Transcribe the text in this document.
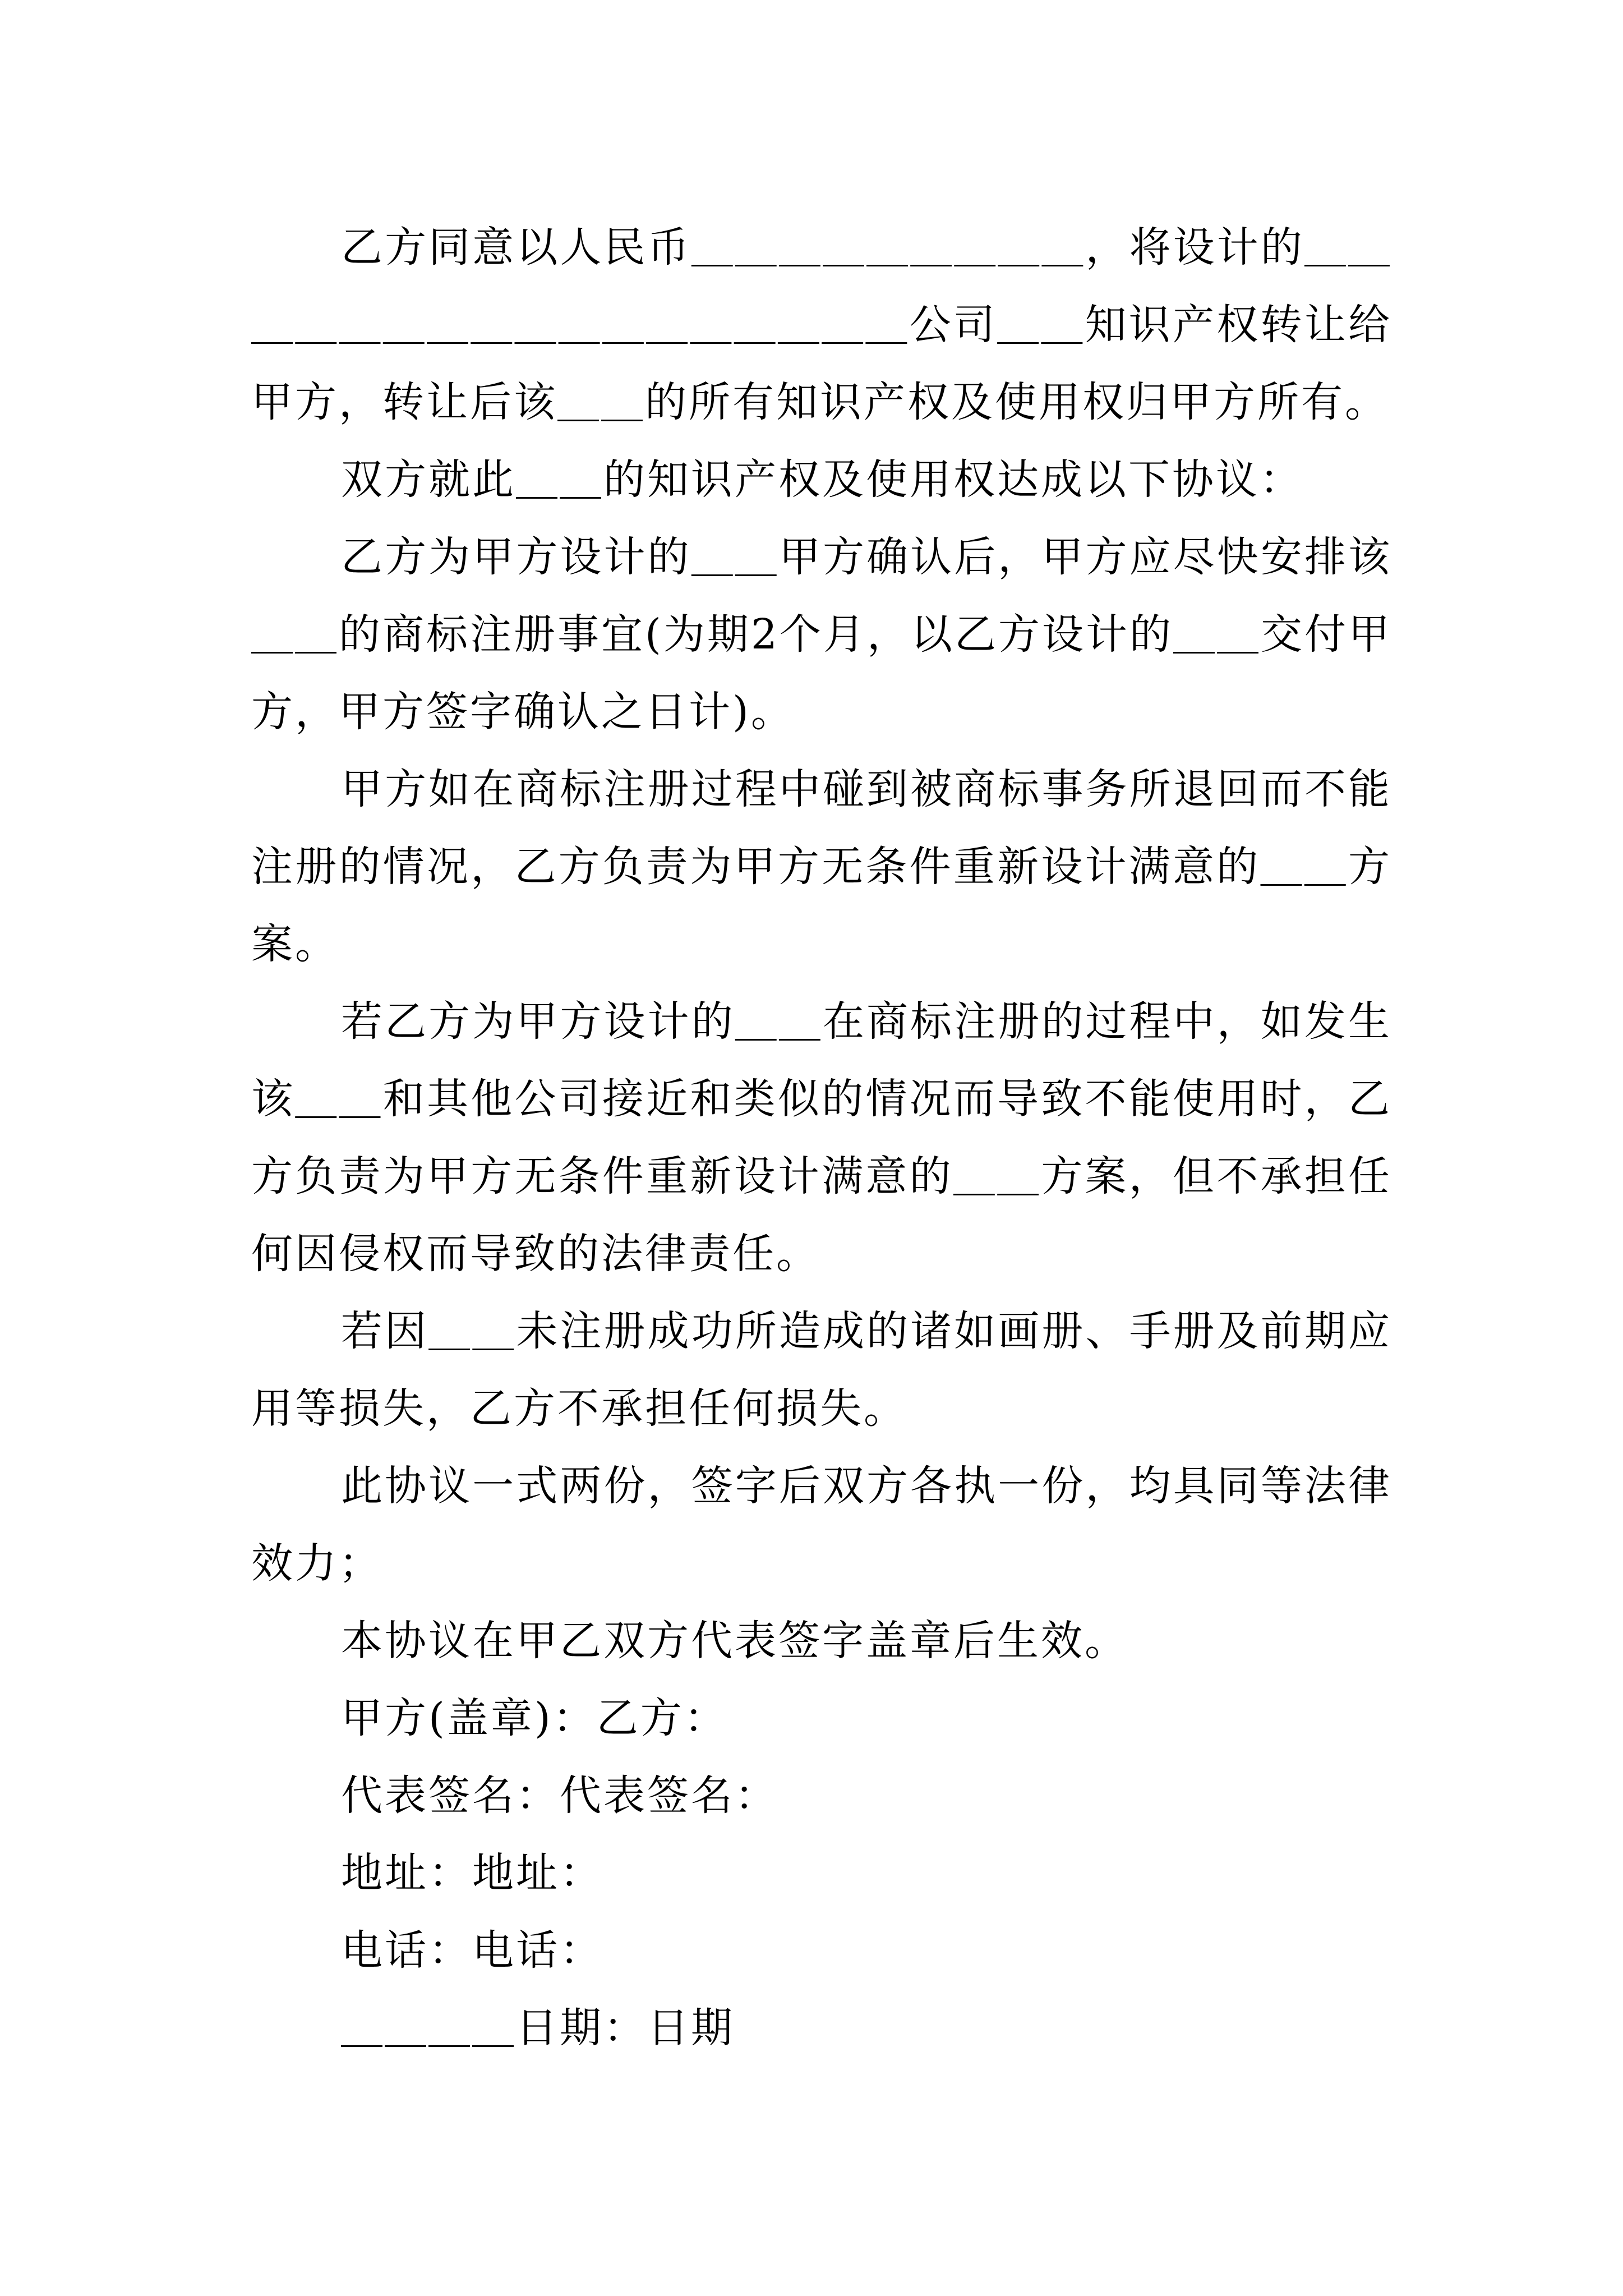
乙方同意以人民币＿＿＿＿＿＿＿＿＿，将设计的＿＿＿＿＿＿＿＿＿＿＿＿＿＿＿＿＿公司＿＿知识产权转让给甲方，转让后该＿＿的所有知识产权及使用权归甲方所有。

双方就此＿＿的知识产权及使用权达成以下协议：

乙方为甲方设计的＿＿甲方确认后，甲方应尽快安排该＿＿的商标注册事宜(为期2个月，以乙方设计的＿＿交付甲方，甲方签字确认之日计)。

甲方如在商标注册过程中碰到被商标事务所退回而不能注册的情况，乙方负责为甲方无条件重新设计满意的＿＿方案。

若乙方为甲方设计的＿＿在商标注册的过程中，如发生该＿＿和其他公司接近和类似的情况而导致不能使用时，乙方负责为甲方无条件重新设计满意的＿＿方案，但不承担任何因侵权而导致的法律责任。

若因＿＿未注册成功所造成的诸如画册、手册及前期应用等损失，乙方不承担任何损失。

此协议一式两份，签字后双方各执一份，均具同等法律效力；

本协议在甲乙双方代表签字盖章后生效。

甲方(盖章)：乙方：

代表签名：代表签名：

地址：地址：

电话：电话：

＿＿＿＿日期：日期
